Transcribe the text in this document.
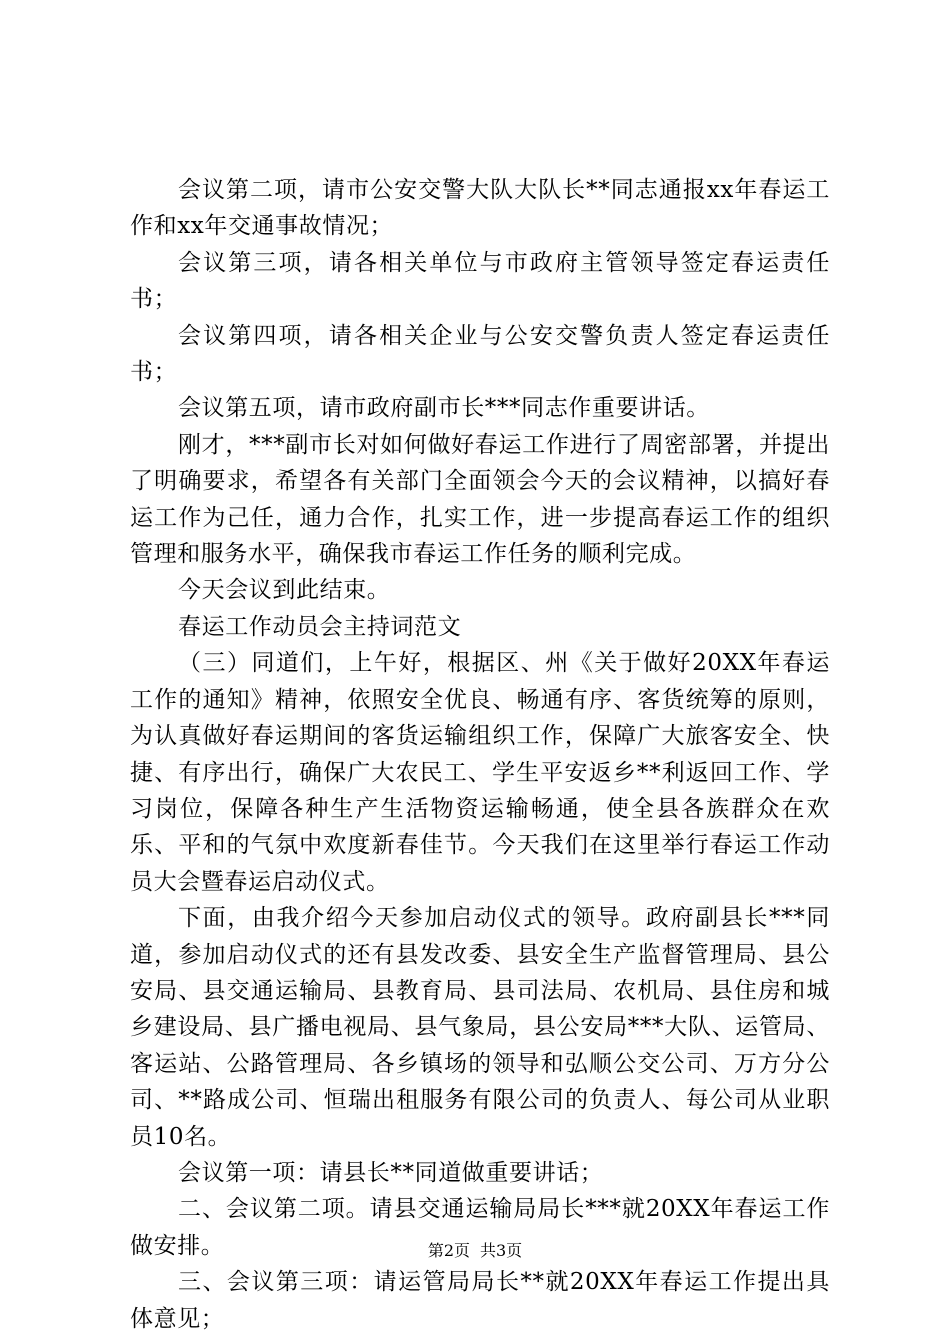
会议第二项，请市公安交警大队大队长**同志通报xx年春运工作和xx年交通事故情况；

会议第三项，请各相关单位与市政府主管领导签定春运责任书；

会议第四项，请各相关企业与公安交警负责人签定春运责任书；

会议第五项，请市政府副市长***同志作重要讲话。

刚才，***副市长对如何做好春运工作进行了周密部署，并提出了明确要求，希望各有关部门全面领会今天的会议精神，以搞好春运工作为己任，通力合作，扎实工作，进一步提高春运工作的组织管理和服务水平，确保我市春运工作任务的顺利完成。

今天会议到此结束。

春运工作动员会主持词范文

（三）同道们，上午好，根据区、州《关于做好20XX年春运工作的通知》精神，依照安全优良、畅通有序、客货统筹的原则，为认真做好春运期间的客货运输组织工作，保障广大旅客安全、快捷、有序出行，确保广大农民工、学生平安返乡**利返回工作、学习岗位，保障各种生产生活物资运输畅通，使全县各族群众在欢乐、平和的气氛中欢度新春佳节。今天我们在这里举行春运工作动员大会暨春运启动仪式。

下面，由我介绍今天参加启动仪式的领导。政府副县长***同道，参加启动仪式的还有县发改委、县安全生产监督管理局、县公安局、县交通运输局、县教育局、县司法局、农机局、县住房和城乡建设局、县广播电视局、县气象局，县公安局***大队、运管局、客运站、公路管理局、各乡镇场的领导和弘顺公交公司、万方分公司、**路成公司、恒瑞出租服务有限公司的负责人、每公司从业职员10名。

会议第一项：请县长**同道做重要讲话；

二、会议第二项。请县交通运输局局长***就20XX年春运工作做安排。

三、会议第三项：请运管局局长**就20XX年春运工作提出具体意见；

第2页 共3页
